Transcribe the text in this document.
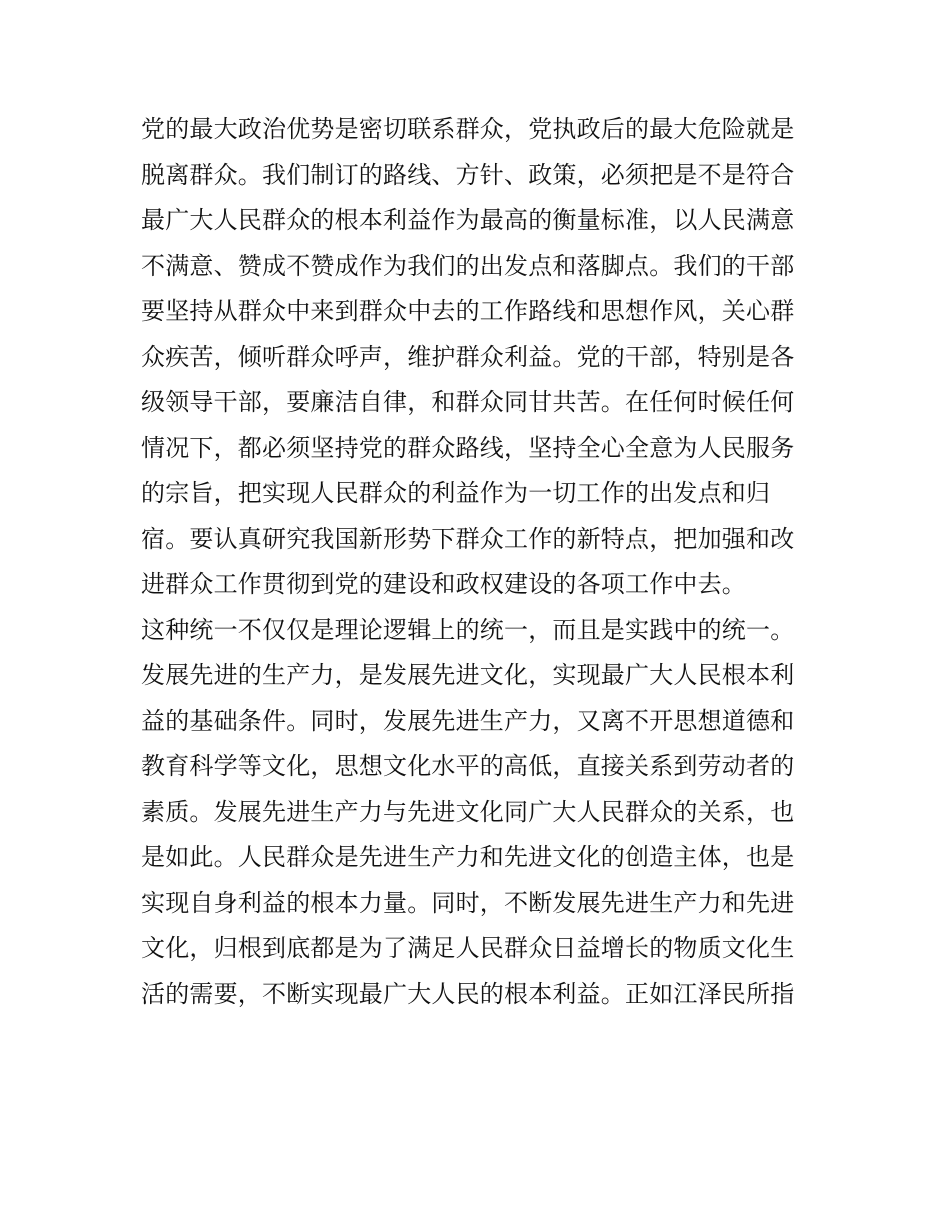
党的最大政治优势是密切联系群众，党执政后的最大危险就是
脱离群众。我们制订的路线、方针、政策，必须把是不是符合
最广大人民群众的根本利益作为最高的衡量标准，以人民满意
不满意、赞成不赞成作为我们的出发点和落脚点。我们的干部
要坚持从群众中来到群众中去的工作路线和思想作风，关心群
众疾苦，倾听群众呼声，维护群众利益。党的干部，特别是各
级领导干部，要廉洁自律，和群众同甘共苦。在任何时候任何
情况下，都必须坚持党的群众路线，坚持全心全意为人民服务
的宗旨，把实现人民群众的利益作为一切工作的出发点和归
宿。要认真研究我国新形势下群众工作的新特点，把加强和改
进群众工作贯彻到党的建设和政权建设的各项工作中去。
这种统一不仅仅是理论逻辑上的统一，而且是实践中的统一。
发展先进的生产力，是发展先进文化，实现最广大人民根本利
益的基础条件。同时，发展先进生产力，又离不开思想道德和
教育科学等文化，思想文化水平的高低，直接关系到劳动者的
素质。发展先进生产力与先进文化同广大人民群众的关系，也
是如此。人民群众是先进生产力和先进文化的创造主体，也是
实现自身利益的根本力量。同时，不断发展先进生产力和先进
文化，归根到底都是为了满足人民群众日益增长的物质文化生
活的需要，不断实现最广大人民的根本利益。正如江泽民所指
